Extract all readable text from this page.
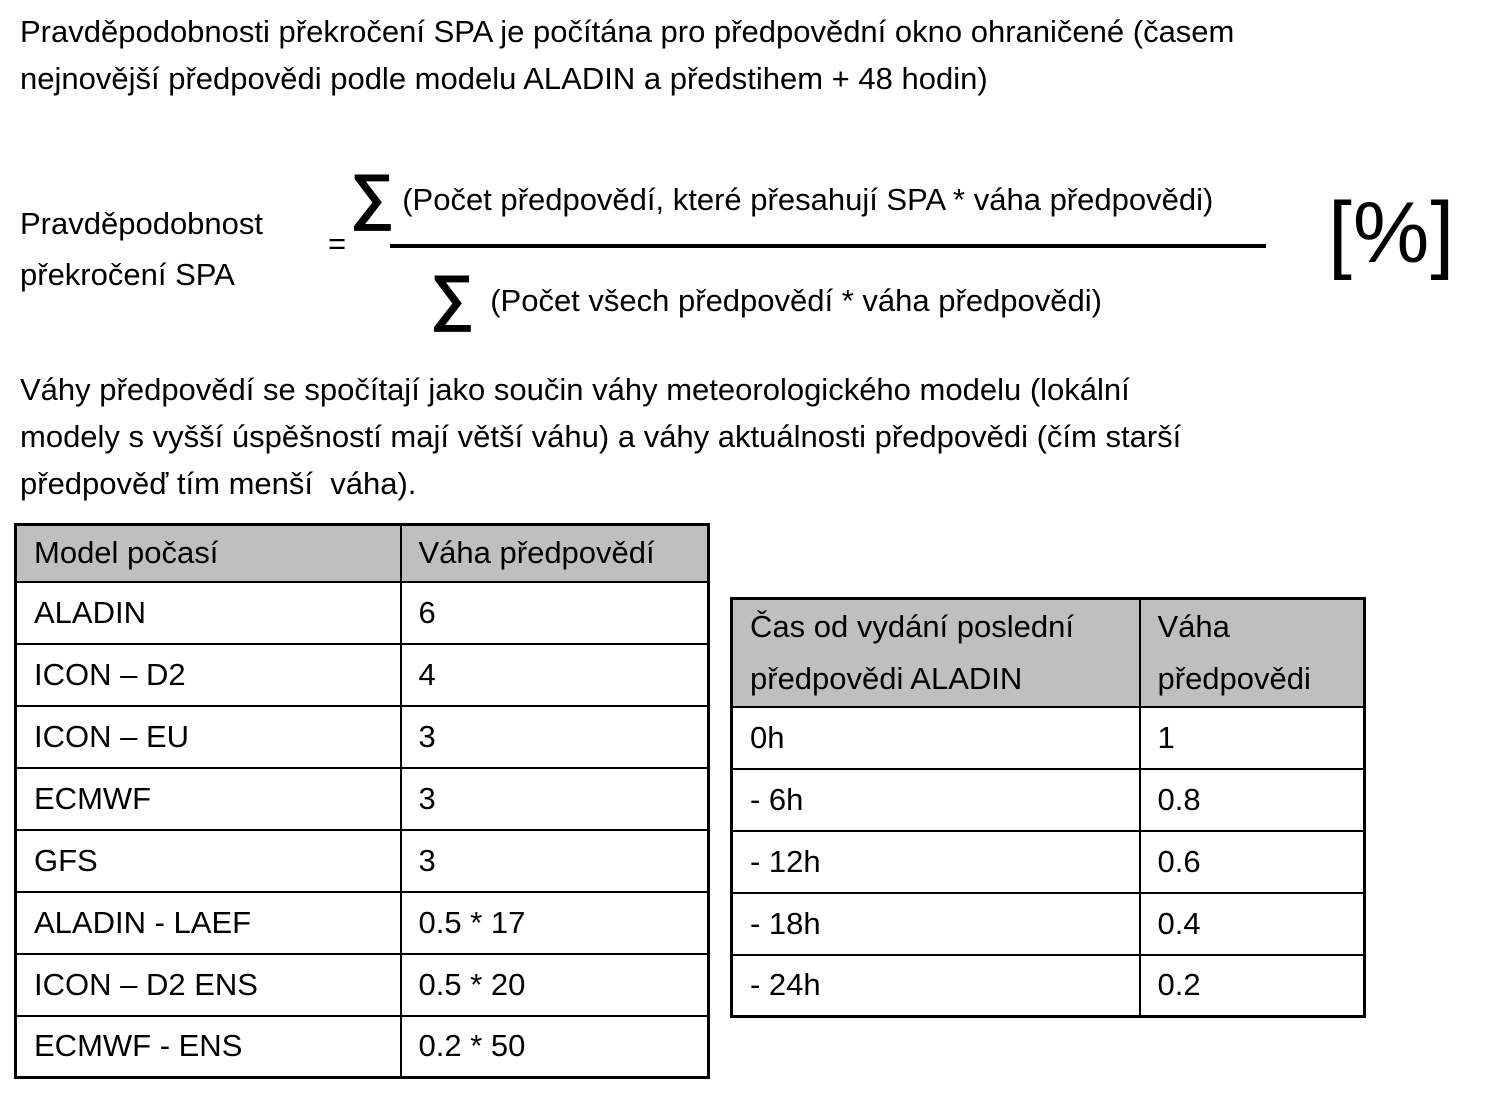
Pravděpodobnosti překročení SPA je počítána pro předpovědní okno ohraničené (časem
nejnovější předpovědi podle modelu ALADIN a předstihem + 48 hodin)

Pravděpodobnost
překročení SPA
=
∑ (Počet předpovědí, které přesahují SPA * váha předpovědi)
∑ (Počet všech předpovědí * váha předpovědi)
[%]

Váhy předpovědí se spočítají jako součin váhy meteorologického modelu (lokální
modely s vyšší úspěšností mají větší váhu) a váhy aktuálnosti předpovědi (čím starší
předpověď tím menší  váha).

Model počasí	Váha předpovědí
ALADIN	6
ICON – D2	4
ICON – EU	3
ECMWF	3
GFS	3
ALADIN - LAEF	0.5 * 17
ICON – D2 ENS	0.5 * 20
ECMWF - ENS	0.2 * 50
Čas od vydání poslední předpovědi ALADIN	Váha předpovědi
0h	1
- 6h	0.8
- 12h	0.6
- 18h	0.4
- 24h	0.2
